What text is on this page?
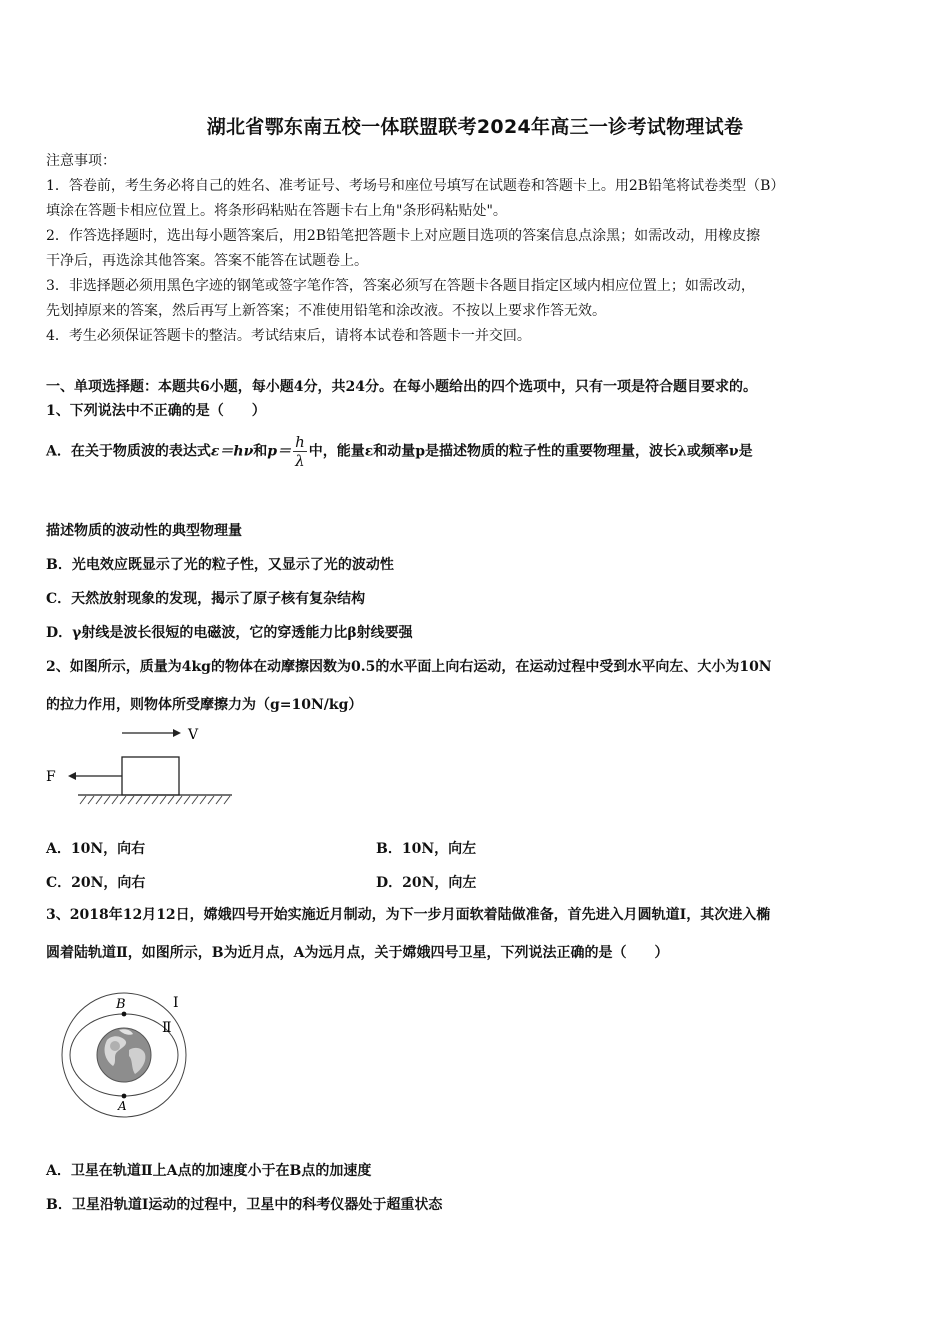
湖北省鄂东南五校一体联盟联考2024年高三一诊考试物理试卷
注意事项：
1．答卷前，考生务必将自己的姓名、准考证号、考场号和座位号填写在试题卷和答题卡上。用2B铅笔将试卷类型（B）
填涂在答题卡相应位置上。将条形码粘贴在答题卡右上角"条形码粘贴处"。
2．作答选择题时，选出每小题答案后，用2B铅笔把答题卡上对应题目选项的答案信息点涂黑；如需改动，用橡皮擦
干净后，再选涂其他答案。答案不能答在试题卷上。
3．非选择题必须用黑色字迹的钢笔或签字笔作答，答案必须写在答题卡各题目指定区域内相应位置上；如需改动，
先划掉原来的答案，然后再写上新答案；不准使用铅笔和涂改液。不按以上要求作答无效。
4．考生必须保证答题卡的整洁。考试结束后，请将本试卷和答题卡一并交回。
一、单项选择题：本题共6小题，每小题4分，共24分。在每小题给出的四个选项中，只有一项是符合题目要求的。
1、下列说法中不正确的是（　　）
A．在关于物质波的表达式ε＝hν和$p= \frac{h}{\lambda}$ 中，能量ε和动量p是描述物质的粒子性的重要物理量，波长λ或频率ν是
描述物质的波动性的典型物理量
B．光电效应既显示了光的粒子性，又显示了光的波动性
C．天然放射现象的发现，揭示了原子核有复杂结构
D．γ射线是波长很短的电磁波，它的穿透能力比β射线要强
2、如图所示，质量为4kg的物体在动摩擦因数为0.5的水平面上向右运动，在运动过程中受到水平向左、大小为10N
的拉力作用，则物体所受摩擦力为（g=10N/kg）
V
F
A．10N，向右	B．10N，向左
C．20N，向右	D．20N，向左
3、2018年12月12日，嫦娥四号开始实施近月制动，为下一步月面软着陆做准备，首先进入月圆轨道Ⅰ，其次进入椭
圆着陆轨道Ⅱ，如图所示，B为近月点，A为远月点，关于嫦娥四号卫星，下列说法正确的是（　　）
B
A
Ⅰ
Ⅱ
A．卫星在轨道Ⅱ上A点的加速度小于在B点的加速度
B．卫星沿轨道Ⅰ运动的过程中，卫星中的科考仪器处于超重状态
